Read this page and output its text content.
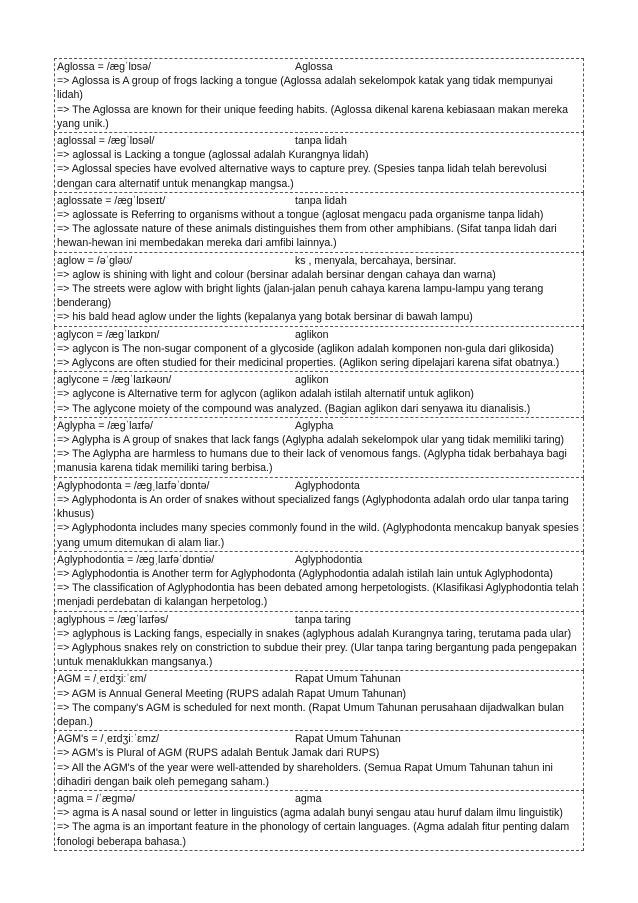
Aglossa = /æɡˈlɒsə/	Aglossa
=> Aglossa is A group of frogs lacking a tongue (Aglossa adalah sekelompok katak yang tidak mempunyai lidah)
=> The Aglossa are known for their unique feeding habits. (Aglossa dikenal karena kebiasaan makan mereka yang unik.)
aglossal = /æɡˈlɒsəl/	tanpa lidah
=> aglossal is Lacking a tongue (aglossal adalah Kurangnya lidah)
=> Aglossal species have evolved alternative ways to capture prey. (Spesies tanpa lidah telah berevolusi dengan cara alternatif untuk menangkap mangsa.)
aglossate = /æɡˈlɒseɪt/	tanpa lidah
=> aglossate is Referring to organisms without a tongue (aglosat mengacu pada organisme tanpa lidah)
=> The aglossate nature of these animals distinguishes them from other amphibians. (Sifat tanpa lidah dari hewan-hewan ini membedakan mereka dari amfibi lainnya.)
aglow = /əˈɡləʊ/	ks , menyala, bercahaya, bersinar.
=> aglow is shining with light and colour (bersinar adalah bersinar dengan cahaya dan warna)
=> The streets were aglow with bright lights (jalan-jalan penuh cahaya karena lampu-lampu yang terang benderang)
=> his bald head aglow under the lights (kepalanya yang botak bersinar di bawah lampu)
aglycon = /æɡˈlaɪkɒn/	aglikon
=> aglycon is The non-sugar component of a glycoside (aglikon adalah komponen non-gula dari glikosida)
=> Aglycons are often studied for their medicinal properties. (Aglikon sering dipelajari karena sifat obatnya.)
aglycone = /æɡˈlaɪkəʊn/	aglikon
=> aglycone is Alternative term for aglycon (aglikon adalah istilah alternatif untuk aglikon)
=> The aglycone moiety of the compound was analyzed. (Bagian aglikon dari senyawa itu dianalisis.)
Aglypha = /æɡˈlaɪfə/	Aglypha
=> Aglypha is A group of snakes that lack fangs (Aglypha adalah sekelompok ular yang tidak memiliki taring)
=> The Aglypha are harmless to humans due to their lack of venomous fangs. (Aglypha tidak berbahaya bagi manusia karena tidak memiliki taring berbisa.)
Aglyphodonta = /æɡˌlaɪfəˈdɒntə/	Aglyphodonta
=> Aglyphodonta is An order of snakes without specialized fangs (Aglyphodonta adalah ordo ular tanpa taring khusus)
=> Aglyphodonta includes many species commonly found in the wild. (Aglyphodonta mencakup banyak spesies yang umum ditemukan di alam liar.)
Aglyphodontia = /æɡˌlaɪfəˈdɒntiə/	Aglyphodontia
=> Aglyphodontia is Another term for Aglyphodonta (Aglyphodontia adalah istilah lain untuk Aglyphodonta)
=> The classification of Aglyphodontia has been debated among herpetologists. (Klasifikasi Aglyphodontia telah menjadi perdebatan di kalangan herpetolog.)
aglyphous = /æɡˈlaɪfəs/	tanpa taring
=> aglyphous is Lacking fangs, especially in snakes (aglyphous adalah Kurangnya taring, terutama pada ular)
=> Aglyphous snakes rely on constriction to subdue their prey. (Ular tanpa taring bergantung pada pengepakan untuk menaklukkan mangsanya.)
AGM = /ˌeɪdʒiːˈɛm/	Rapat Umum Tahunan
=> AGM is Annual General Meeting (RUPS adalah Rapat Umum Tahunan)
=> The company's AGM is scheduled for next month. (Rapat Umum Tahunan perusahaan dijadwalkan bulan depan.)
AGM's = /ˌeɪdʒiːˈɛmz/	Rapat Umum Tahunan
=> AGM's is Plural of AGM (RUPS adalah Bentuk Jamak dari RUPS)
=> All the AGM's of the year were well-attended by shareholders. (Semua Rapat Umum Tahunan tahun ini dihadiri dengan baik oleh pemegang saham.)
agma = /ˈæɡmə/	agma
=> agma is A nasal sound or letter in linguistics (agma adalah bunyi sengau atau huruf dalam ilmu linguistik)
=> The agma is an important feature in the phonology of certain languages. (Agma adalah fitur penting dalam fonologi beberapa bahasa.)
